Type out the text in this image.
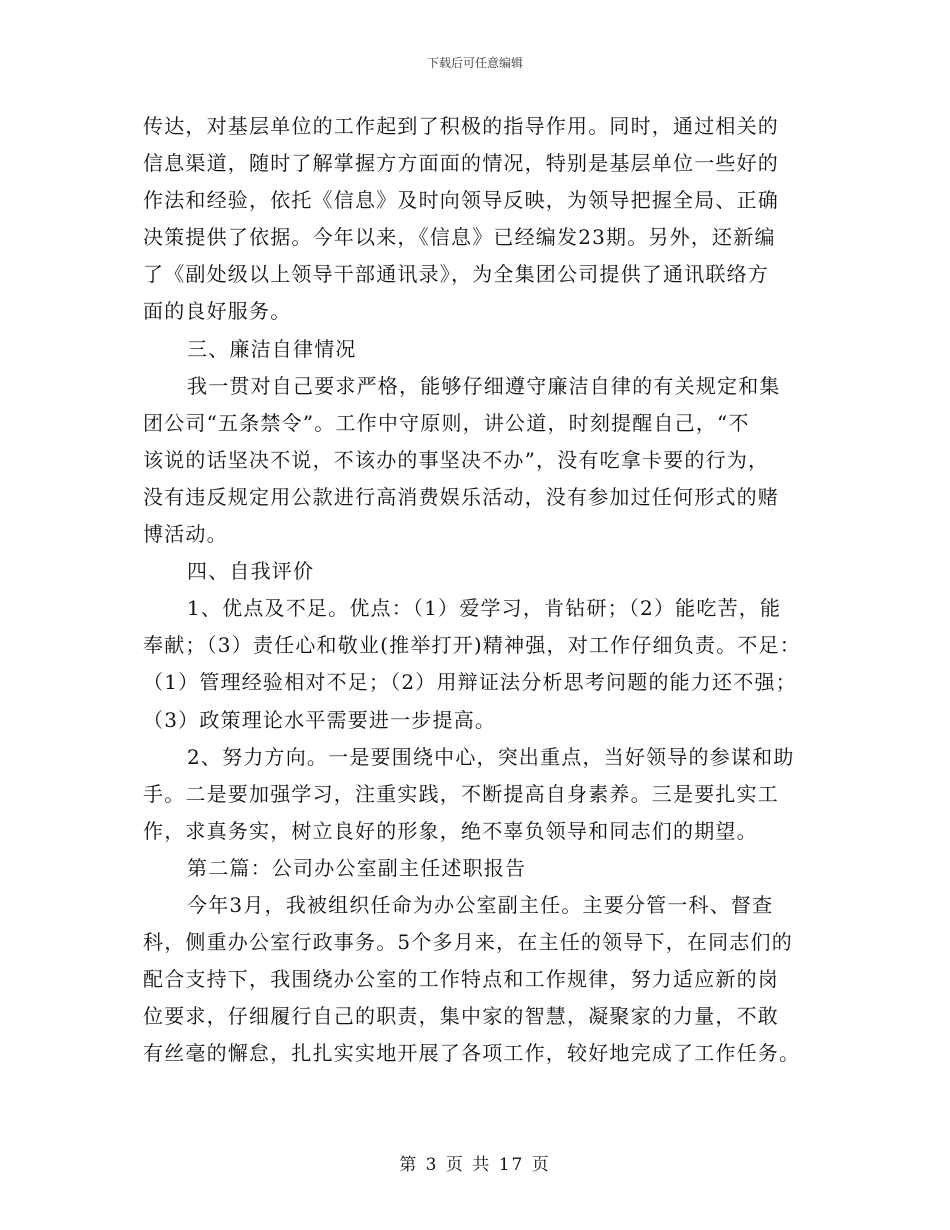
下载后可任意编辑
传达，对基层单位的工作起到了积极的指导作用。同时，通过相关的
信息渠道，随时了解掌握方方面面的情况，特别是基层单位一些好的
作法和经验，依托《信息》及时向领导反映，为领导把握全局、正确
决策提供了依据。今年以来，《信息》已经编发23期。另外，还新编
了《副处级以上领导干部通讯录》，为全集团公司提供了通讯联络方
面的良好服务。
三、廉洁自律情况
我一贯对自己要求严格，能够仔细遵守廉洁自律的有关规定和集
团公司“五条禁令”。工作中守原则，讲公道，时刻提醒自己，“不
该说的话坚决不说，不该办的事坚决不办”，没有吃拿卡要的行为，
没有违反规定用公款进行高消费娱乐活动，没有参加过任何形式的赌
博活动。
四、自我评价
1、优点及不足。优点：（1）爱学习，肯钻研；（2）能吃苦，能
奉献；（3）责任心和敬业(推举打开)精神强，对工作仔细负责。不足：
（1）管理经验相对不足；（2）用辩证法分析思考问题的能力还不强；
（3）政策理论水平需要进一步提高。
2、努力方向。一是要围绕中心，突出重点，当好领导的参谋和助
手。二是要加强学习，注重实践，不断提高自身素养。三是要扎实工
作，求真务实，树立良好的形象，绝不辜负领导和同志们的期望。
第二篇：公司办公室副主任述职报告
今年3月，我被组织任命为办公室副主任。主要分管一科、督查
科，侧重办公室行政事务。5个多月来，在主任的领导下，在同志们的
配合支持下，我围绕办公室的工作特点和工作规律，努力适应新的岗
位要求，仔细履行自己的职责，集中家的智慧，凝聚家的力量，不敢
有丝毫的懈怠，扎扎实实地开展了各项工作，较好地完成了工作任务。
第 3 页 共 17 页
